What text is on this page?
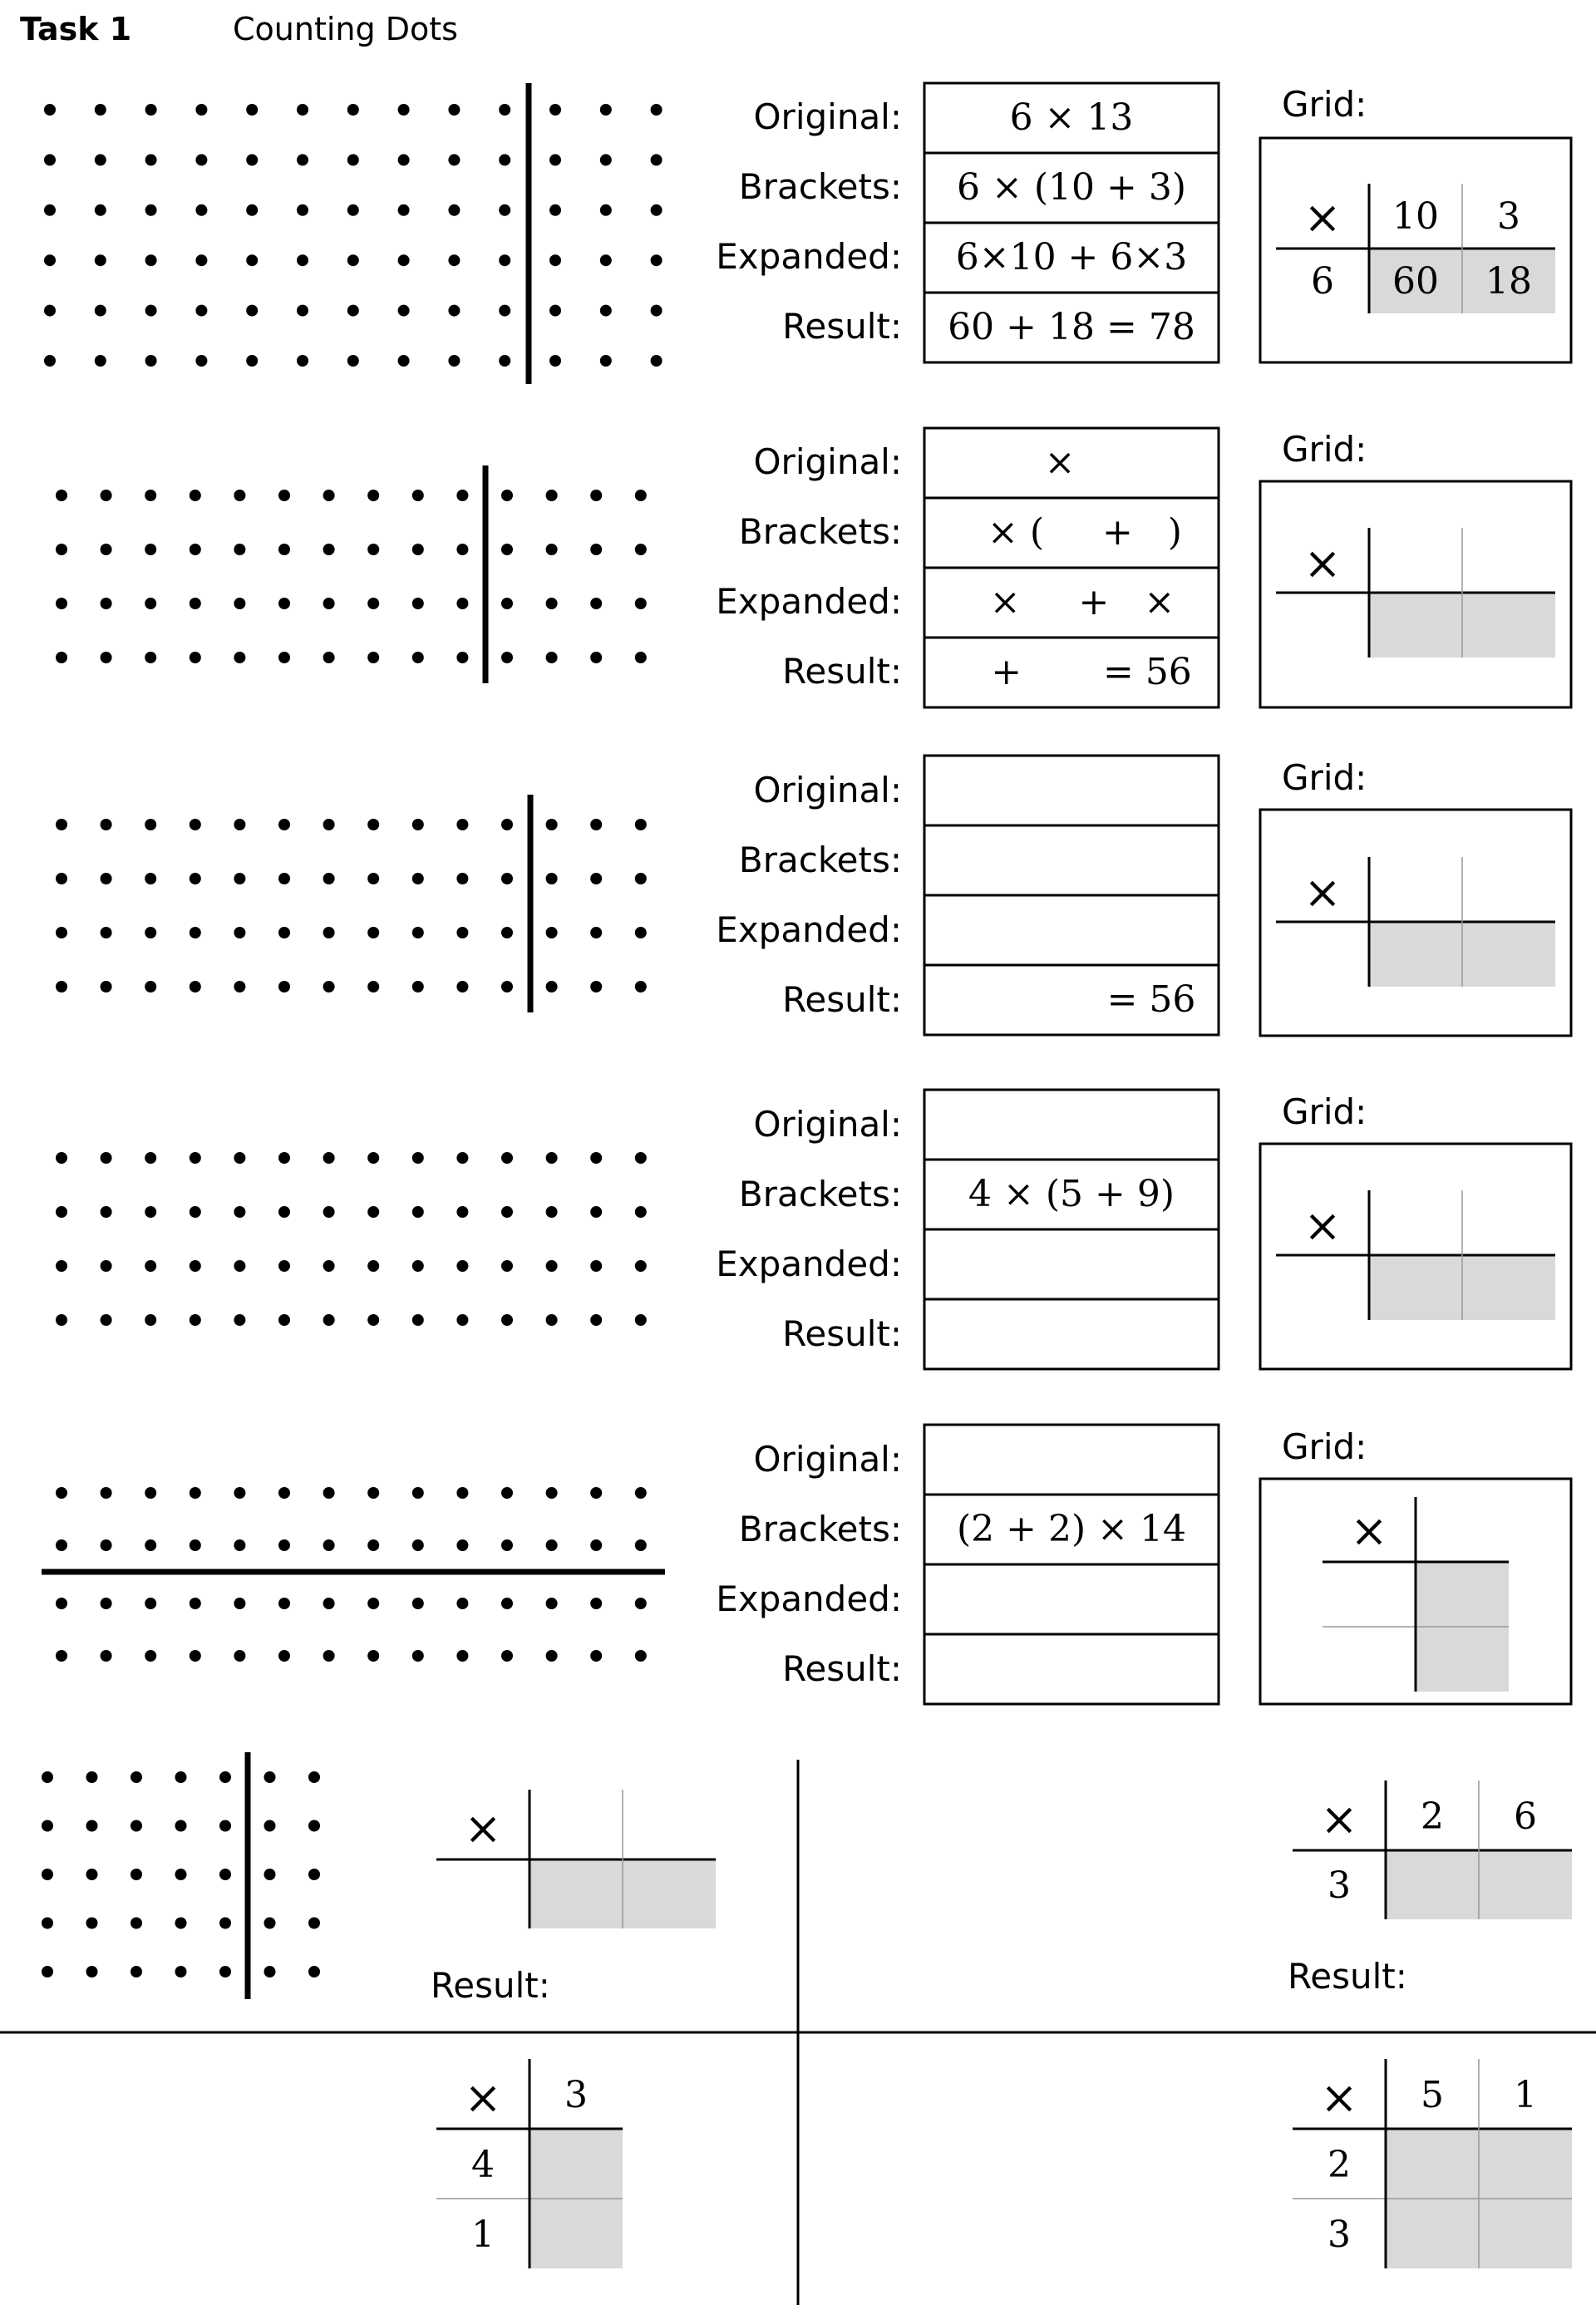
Task 1	Counting Dots
Original:
Brackets:
Expanded:
Result:
6 × 13
6 × (10 + 3)
6×10 + 6×3
60 + 18 = 78
Grid:
× 10 3
6 60 18
Original:
Brackets:
Expanded:
Result:
×
× (     +   )
×     +   ×
+       = 56
Grid:
×
Original:
Brackets:
Expanded:
Result:	= 56
Grid:
×
Original:
Brackets:
Expanded:
Result:
4 × (5 + 9)
Grid:
×
Original:
Brackets:
Expanded:
Result:
(2 + 2) × 14
Grid:
×
×
Result:
× 2 6
3
Result:
× 3
4
1
× 5 1
2
3
